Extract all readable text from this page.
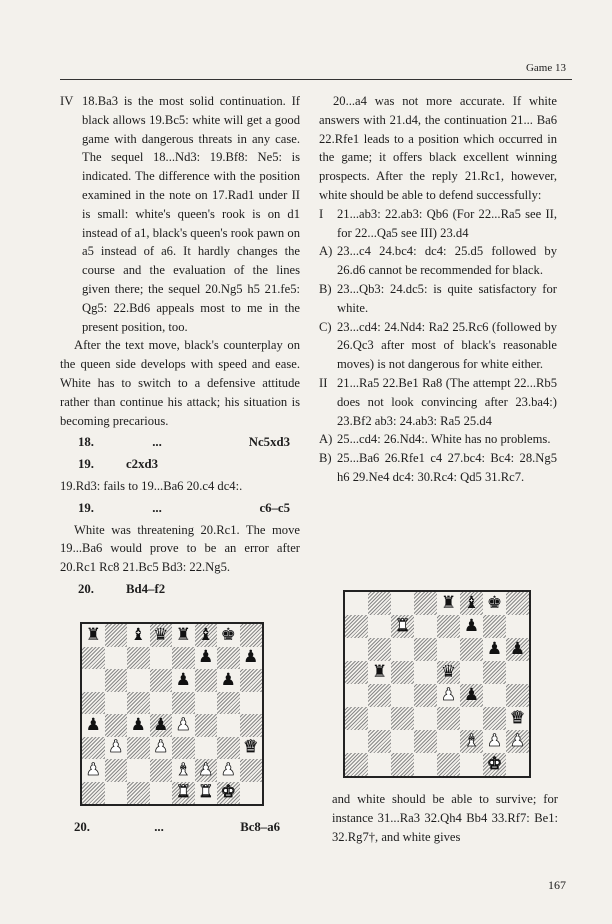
Game 13

IV 18.Ba3 is the most solid continuation. If black allows 19.Bc5: white will get a good game with dangerous threats in any case. The sequel 18...Nd3: 19.Bf8: Ne5: is indicated. The difference with the position examined in the note on 17.Rad1 under II is small: white's queen's rook is on d1 instead of a1, black's queen's rook pawn on a5 instead of a6. It hardly changes the course and the evaluation of the lines given there; the sequel 20.Ng5 h5 21.fe5: Qg5: 22.Bd6 appeals most to me in the present position, too.

After the text move, black's counterplay on the queen side develops with speed and ease. White has to switch to a defensive attitude rather than continue his attack; his situation is becoming precarious.

18.	...	Nc5xd3
19.	c2xd3

19.Rd3: fails to 19...Ba6 20.c4 dc4:.

19.	...	c6–c5

White was threatening 20.Rc1. The move 19...Ba6 would prove to be an error after 20.Rc1 Rc8 21.Bc5 Bd3: 22.Ng5.

20.	Bd4–f2

20...a4 was not more accurate. If white answers with 21.d4, the continuation 21... Ba6 22.Rfe1 leads to a position which occurred in the game; it offers black excellent winning prospects. After the reply 21.Rc1, however, white should be able to defend successfully:

I 21...ab3: 22.ab3: Qb6 (For 22...Ra5 see II, for 22...Qa5 see III) 23.d4

A) 23...c4 24.bc4: dc4: 25.d5 followed by 26.d6 cannot be recommended for black.

B) 23...Qb3: 24.dc5: is quite satisfactory for white.

C) 23...cd4: 24.Nd4: Ra2 25.Rc6 (followed by 26.Qc3 after most of black's reasonable moves) is not dangerous for white either.

II 21...Ra5 22.Be1 Ra8 (The attempt 22...Rb5 does not look convincing after 23.ba4:) 23.Bf2 ab3: 24.ab3: Ra5 25.d4

A) 25...cd4: 26.Nd4:. White has no problems.

B) 25...Ba6 26.Rfe1 c4 27.bc4: Bc4: 28.Ng5 h6 29.Ne4 dc4: 30.Rc4: Qd5 31.Rc7.

♜ ♝ ♛ ♜ ♝ ♚
♟ ♟
♟ ♟
♟ ♟ ♟ ♟
♟ ♟	♛
♟	♝ ♟ ♟
♜ ♜ ♚
♜ ♝ ♚
♜	♟
♟ ♟
♜	♛
♟ ♟
♛
♝ ♟ ♟
♚
and white should be able to survive; for instance 31...Ra3 32.Qh4 Bb4 33.Rf7: Be1: 32.Rg7†, and white gives
20.	...	Bc8–a6
167
